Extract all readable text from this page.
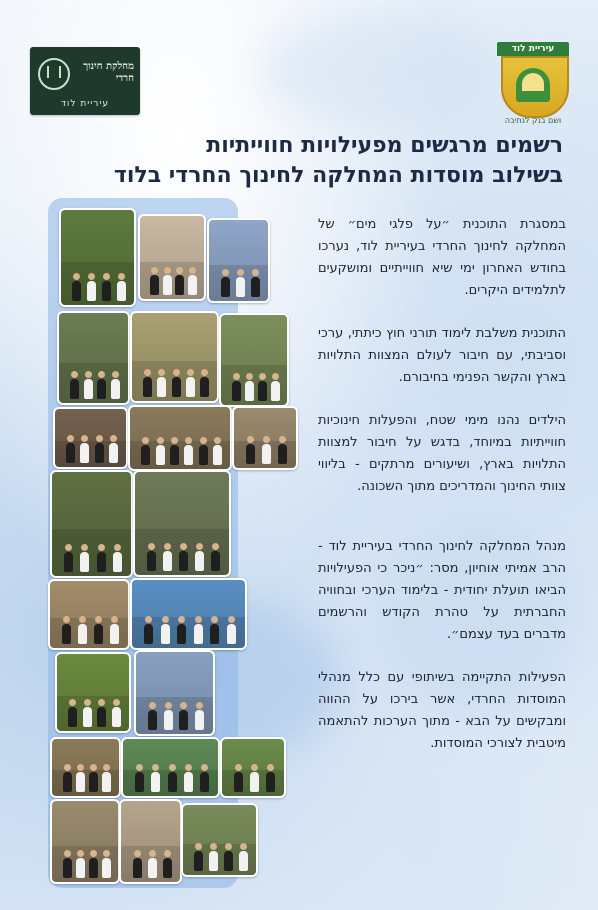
מחלקת חינוך חרדי
עיריית לוד
עיריית לוד
ושם בנק לנתיבה
רשמים מרגשים מפעילויות חווייתיות
בשילוב מוסדות המחלקה לחינוך החרדי בלוד

במסגרת התוכנית ״על פלגי מים״ של המחלקה לחינוך החרדי בעיריית לוד, נערכו בחודש האחרון ימי שיא חווייתיים ומושקעים לתלמידים היקרים.

התוכנית משלבת לימוד תורני חוץ כיתתי, ערכי וסביבתי, עם חיבור לעולם המצוות התלויות בארץ והקשר הפנימי בחיבורם.

הילדים נהנו מימי שטח, והפעלות חינוכיות חווייתיות במיוחד, בדגש על חיבור למצוות התלויות בארץ, ושיעורים מרתקים - בליווי צוותי החינוך והמדריכים מתוך השכונה.

מנהל המחלקה לחינוך החרדי בעיריית לוד - הרב אמיתי אוחיון, מסר: ״ניכר כי הפעילויות הביאו תועלת יחודית - בלימוד הערכי ובחוויה החברתית על טהרת הקודש והרשמים מדברים בעד עצמם״.

הפעילות התקיימה בשיתופי עם כלל מנהלי המוסדות החרדי, אשר בירכו על ההווה ומבקשים על הבא - מתוך הערכות להתאמה מיטבית לצורכי המוסדות.
